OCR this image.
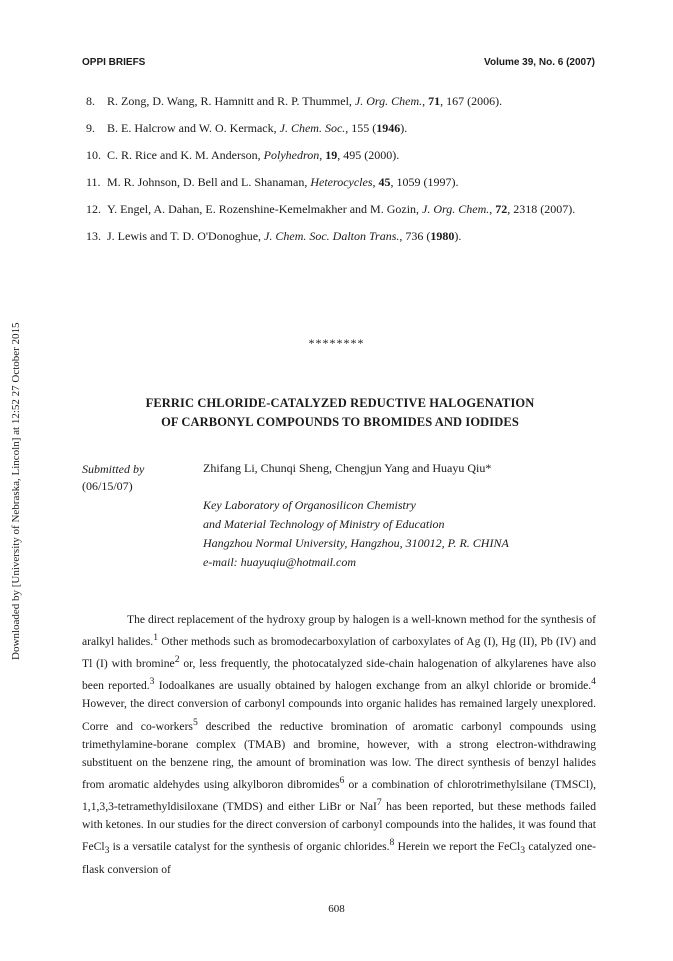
OPPI BRIEFS	Volume 39, No. 6 (2007)
Downloaded by [University of Nebraska, Lincoln] at 12:52 27 October 2015
8. R. Zong, D. Wang, R. Hamnitt and R. P. Thummel, J. Org. Chem., 71, 167 (2006).
9. B. E. Halcrow and W. O. Kermack, J. Chem. Soc., 155 (1946).
10. C. R. Rice and K. M. Anderson, Polyhedron, 19, 495 (2000).
11. M. R. Johnson, D. Bell and L. Shanaman, Heterocycles, 45, 1059 (1997).
12. Y. Engel, A. Dahan, E. Rozenshine-Kemelmakher and M. Gozin, J. Org. Chem., 72, 2318 (2007).
13. J. Lewis and T. D. O'Donoghue, J. Chem. Soc. Dalton Trans., 736 (1980).
********
FERRIC CHLORIDE-CATALYZED REDUCTIVE HALOGENATION
OF CARBONYL COMPOUNDS TO BROMIDES AND IODIDES
Submitted by
(06/15/07)
Zhifang Li, Chunqi Sheng, Chengjun Yang and Huayu Qiu*
Key Laboratory of Organosilicon Chemistry
and Material Technology of Ministry of Education
Hangzhou Normal University, Hangzhou, 310012, P. R. CHINA
e-mail: huayuqiu@hotmail.com

The direct replacement of the hydroxy group by halogen is a well-known method for the synthesis of aralkyl halides.$^1$ Other methods such as bromodecarboxylation of carboxylates of Ag (I), Hg (II), Pb (IV) and Tl (I) with bromine$^2$ or, less frequently, the photocatalyzed side-chain halogenation of alkylarenes have also been reported.$^3$ Iodoalkanes are usually obtained by halogen exchange from an alkyl chloride or bromide.$^4$ However, the direct conversion of carbonyl compounds into organic halides has remained largely unexplored. Corre and co-workers$^5$ described the reductive bromination of aromatic carbonyl compounds using trimethylamine-borane complex (TMAB) and bromine, however, with a strong electron-withdrawing substituent on the benzene ring, the amount of bromination was low. The direct synthesis of benzyl halides from aromatic aldehydes using alkylboron dibromides$^6$ or a combination of chlorotrimethylsilane (TMSCl), 1,1,3,3-tetramethyldisiloxane (TMDS) and either LiBr or NaI$^7$ has been reported, but these methods failed with ketones. In our studies for the direct conversion of carbonyl compounds into the halides, it was found that FeCl$_3$ is a versatile catalyst for the synthesis of organic chlorides.$^8$ Herein we report the FeCl$_3$ catalyzed one-flask conversion of

608
